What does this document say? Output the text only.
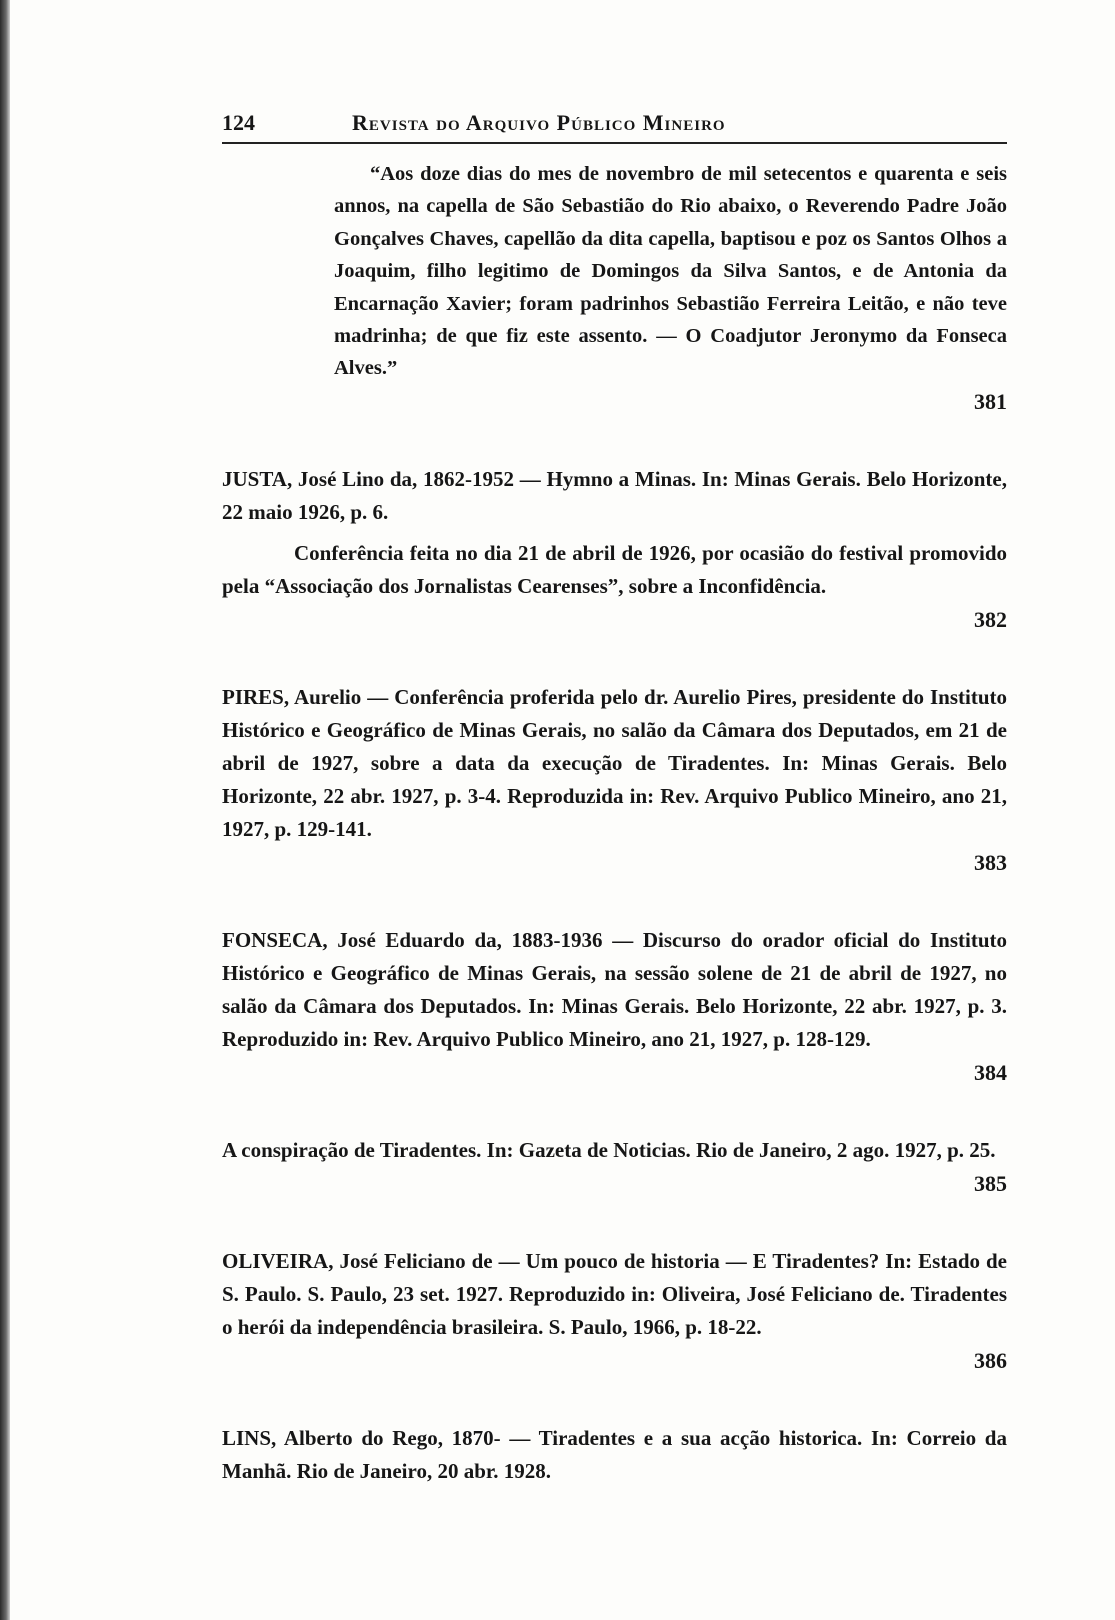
124	Revista do Arquivo Público Mineiro

“Aos doze dias do mes de novembro de mil setecentos e quarenta e seis annos, na capella de São Sebastião do Rio abaixo, o Reverendo Padre João Gonçalves Chaves, capellão da dita capella, baptisou e poz os Santos Olhos a Joaquim, filho legitimo de Domingos da Silva Santos, e de Antonia da Encarnação Xavier; foram padrinhos Sebastião Ferreira Leitão, e não teve madrinha; de que fiz este assento. — O Coadjutor Jeronymo da Fonseca Alves.”

381

JUSTA, José Lino da, 1862-1952 — Hymno a Minas. In: Minas Gerais. Belo Horizonte, 22 maio 1926, p. 6.

Conferência feita no dia 21 de abril de 1926, por ocasião do festival promovido pela “Associação dos Jornalistas Cearenses”, sobre a Inconfidência.

382

PIRES, Aurelio — Conferência proferida pelo dr. Aurelio Pires, presidente do Instituto Histórico e Geográfico de Minas Gerais, no salão da Câmara dos Deputados, em 21 de abril de 1927, sobre a data da execução de Tiradentes. In: Minas Gerais. Belo Horizonte, 22 abr. 1927, p. 3-4. Reproduzida in: Rev. Arquivo Publico Mineiro, ano 21, 1927, p. 129-141.

383

FONSECA, José Eduardo da, 1883-1936 — Discurso do orador oficial do Instituto Histórico e Geográfico de Minas Gerais, na sessão solene de 21 de abril de 1927, no salão da Câmara dos Deputados. In: Minas Gerais. Belo Horizonte, 22 abr. 1927, p. 3. Reproduzido in: Rev. Arquivo Publico Mineiro, ano 21, 1927, p. 128-129.

384

A conspiração de Tiradentes. In: Gazeta de Noticias. Rio de Janeiro, 2 ago. 1927, p. 25.

385

OLIVEIRA, José Feliciano de — Um pouco de historia — E Tiradentes? In: Estado de S. Paulo. S. Paulo, 23 set. 1927. Reproduzido in: Oliveira, José Feliciano de. Tiradentes o herói da independência brasileira. S. Paulo, 1966, p. 18-22.

386

LINS, Alberto do Rego, 1870- — Tiradentes e a sua acção historica. In: Correio da Manhã. Rio de Janeiro, 20 abr. 1928.
